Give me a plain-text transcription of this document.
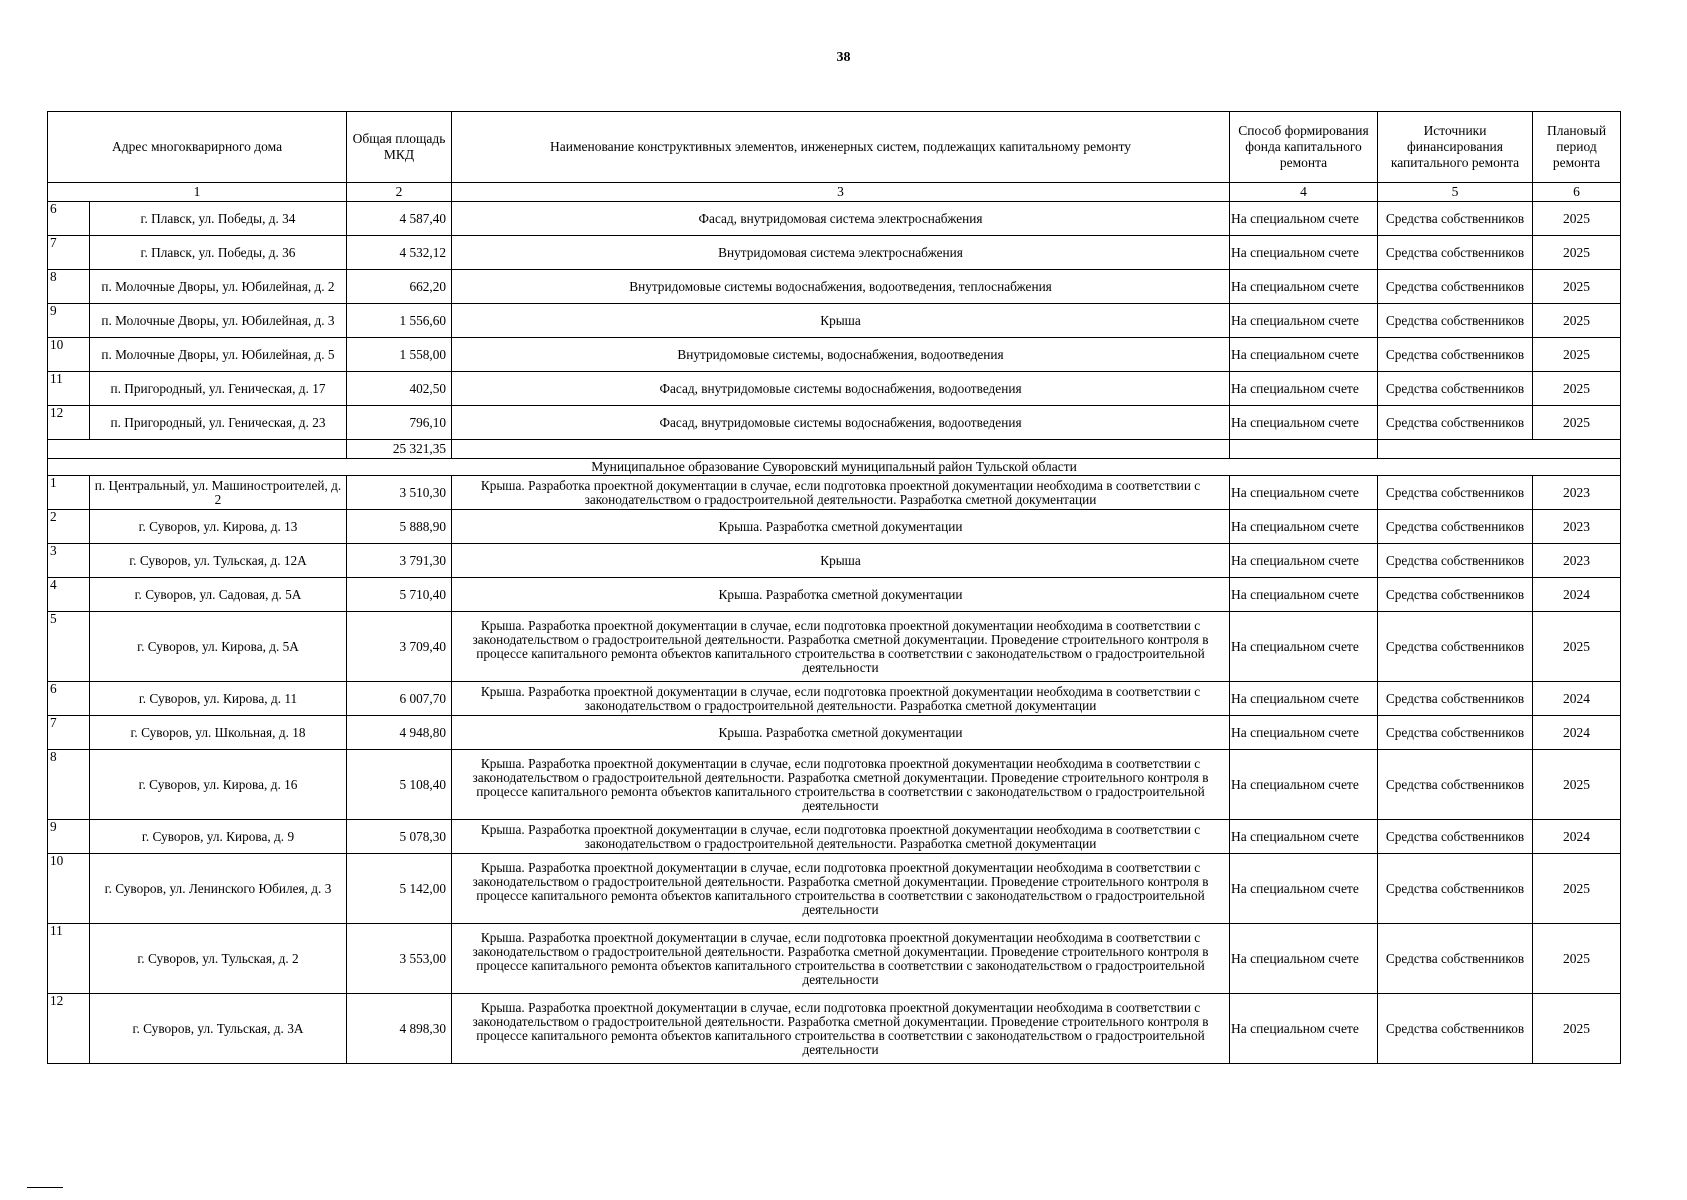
38
Адрес многокварирного дома		Общая площадь МКД	Наименование конструктивных элементов, инженерных систем, подлежащих капитальному ремонту	Способ формирования фонда капитального ремонта	Источники финансирования капитального ремонта	Плановый период ремонта
1		2	3	4	5	6
6	г. Плавск, ул. Победы, д. 34	4 587,40	Фасад, внутридомовая система электроснабжения	На специальном счете	Средства собственников	2025
7	г. Плавск, ул. Победы, д. 36	4 532,12	Внутридомовая система электроснабжения	На специальном счете	Средства собственников	2025
8	п. Молочные Дворы, ул. Юбилейная, д. 2	662,20	Внутридомовые системы водоснабжения, водоотведения, теплоснабжения	На специальном счете	Средства собственников	2025
9	п. Молочные Дворы, ул. Юбилейная, д. 3	1 556,60	Крыша	На специальном счете	Средства собственников	2025
10	п. Молочные Дворы, ул. Юбилейная, д. 5	1 558,00	Внутридомовые системы, водоснабжения, водоотведения	На специальном счете	Средства собственников	2025
11	п. Пригородный, ул. Геническая, д. 17	402,50	Фасад, внутридомовые системы водоснабжения, водоотведения	На специальном счете	Средства собственников	2025
12	п. Пригородный, ул. Геническая, д. 23	796,10	Фасад, внутридомовые системы водоснабжения, водоотведения	На специальном счете	Средства собственников	2025
		25 321,35				
Муниципальное образование Суворовский муниципальный район Тульской области						
1	п. Центральный, ул. Машиностроителей, д. 2	3 510,30	Крыша. Разработка проектной документации в случае, если подготовка проектной документации необходима в соответствии с законодательством о градостроительной деятельности. Разработка сметной документации	На специальном счете	Средства собственников	2023
2	г. Суворов, ул. Кирова, д. 13	5 888,90	Крыша. Разработка сметной документации	На специальном счете	Средства собственников	2023
3	г. Суворов, ул. Тульская, д. 12А	3 791,30	Крыша	На специальном счете	Средства собственников	2023
4	г. Суворов, ул. Садовая, д. 5А	5 710,40	Крыша. Разработка сметной документации	На специальном счете	Средства собственников	2024
5	г. Суворов, ул. Кирова, д. 5А	3 709,40	Крыша. Разработка проектной документации в случае, если подготовка проектной документации необходима в соответствии с законодательством о градостроительной деятельности. Разработка сметной документации. Проведение строительного контроля в процессе капитального ремонта объектов капитального строительства в соответствии с законодательством о градостроительной деятельности	На специальном счете	Средства собственников	2025
6	г. Суворов, ул. Кирова, д. 11	6 007,70	Крыша. Разработка проектной документации в случае, если подготовка проектной документации необходима в соответствии с законодательством о градостроительной деятельности. Разработка сметной документации	На специальном счете	Средства собственников	2024
7	г. Суворов, ул. Школьная, д. 18	4 948,80	Крыша. Разработка сметной документации	На специальном счете	Средства собственников	2024
8	г. Суворов, ул. Кирова, д. 16	5 108,40	Крыша. Разработка проектной документации в случае, если подготовка проектной документации необходима в соответствии с законодательством о градостроительной деятельности. Разработка сметной документации. Проведение строительного контроля в процессе капитального ремонта объектов капитального строительства в соответствии с законодательством о градостроительной деятельности	На специальном счете	Средства собственников	2025
9	г. Суворов, ул. Кирова, д. 9	5 078,30	Крыша. Разработка проектной документации в случае, если подготовка проектной документации необходима в соответствии с законодательством о градостроительной деятельности. Разработка сметной документации	На специальном счете	Средства собственников	2024
10	г. Суворов, ул. Ленинского Юбилея, д. 3	5 142,00	Крыша. Разработка проектной документации в случае, если подготовка проектной документации необходима в соответствии с законодательством о градостроительной деятельности. Разработка сметной документации. Проведение строительного контроля в процессе капитального ремонта объектов капитального строительства в соответствии с законодательством о градостроительной деятельности	На специальном счете	Средства собственников	2025
11	г. Суворов, ул. Тульская, д. 2	3 553,00	Крыша. Разработка проектной документации в случае, если подготовка проектной документации необходима в соответствии с законодательством о градостроительной деятельности. Разработка сметной документации. Проведение строительного контроля в процессе капитального ремонта объектов капитального строительства в соответствии с законодательством о градостроительной деятельности	На специальном счете	Средства собственников	2025
12	г. Суворов, ул. Тульская, д. 3А	4 898,30	Крыша. Разработка проектной документации в случае, если подготовка проектной документации необходима в соответствии с законодательством о градостроительной деятельности. Разработка сметной документации. Проведение строительного контроля в процессе капитального ремонта объектов капитального строительства в соответствии с законодательством о градостроительной деятельности	На специальном счете	Средства собственников	2025
